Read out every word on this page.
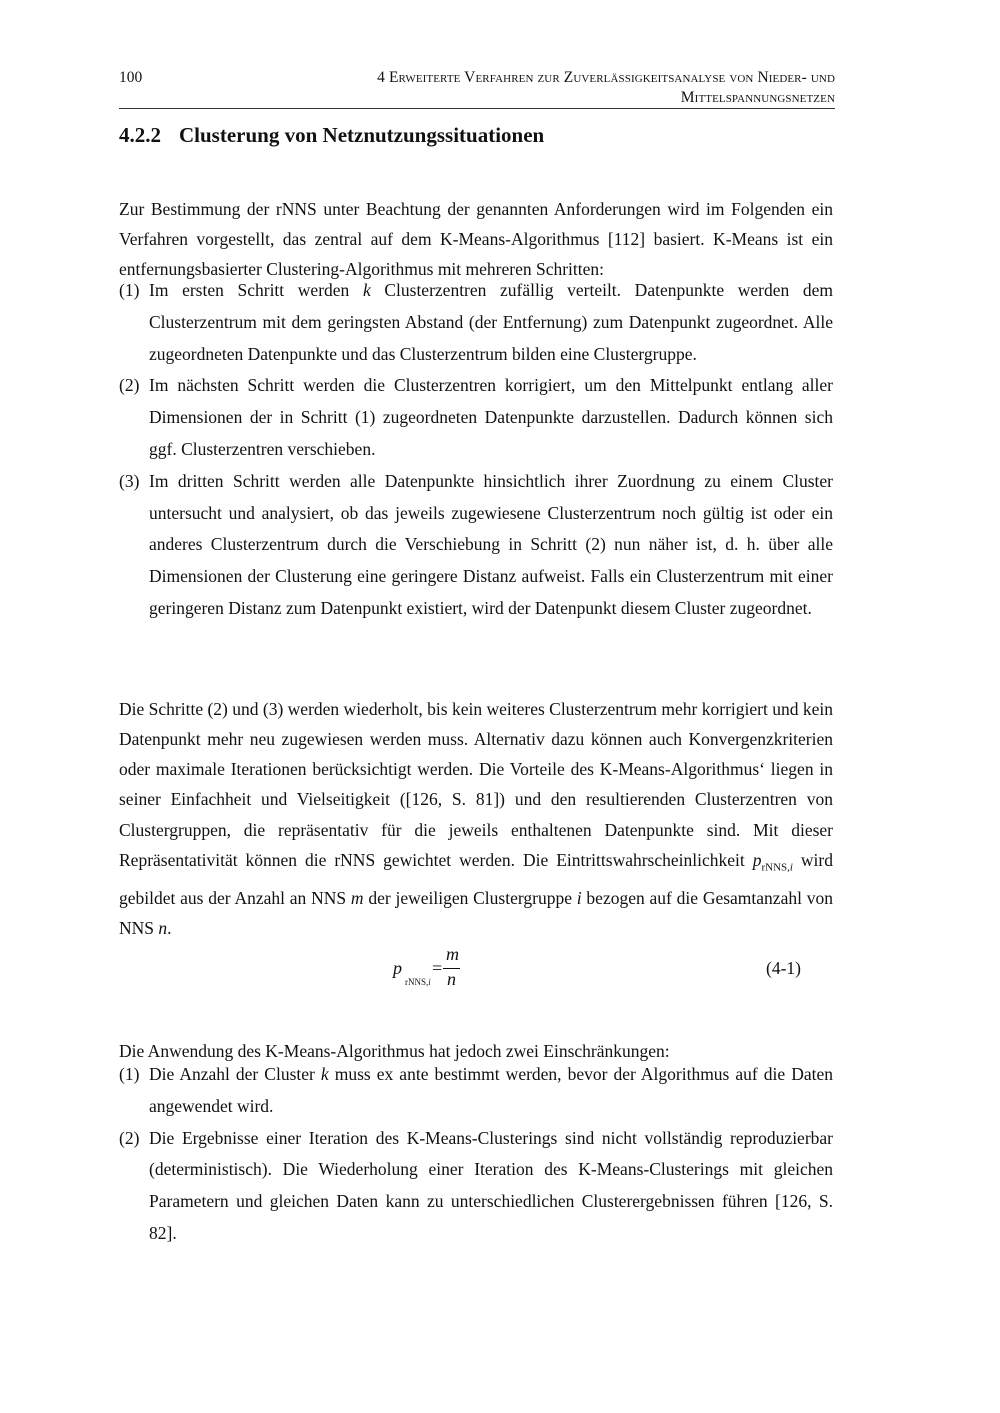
100	4 Erweiterte Verfahren zur Zuverlässigkeitsanalyse von Nieder- und
Mittelspannungsnetzen
4.2.2 Clusterung von Netznutzungssituationen

Zur Bestimmung der rNNS unter Beachtung der genannten Anforderungen wird im Folgenden ein Verfahren vorgestellt, das zentral auf dem K-Means-Algorithmus [112] basiert. K-Means ist ein entfernungsbasierter Clustering-Algorithmus mit mehreren Schritten:

(1) Im ersten Schritt werden k Clusterzentren zufällig verteilt. Datenpunkte werden dem Clusterzentrum mit dem geringsten Abstand (der Entfernung) zum Datenpunkt zugeordnet. Alle zugeordneten Datenpunkte und das Clusterzentrum bilden eine Clustergruppe.
(2) Im nächsten Schritt werden die Clusterzentren korrigiert, um den Mittelpunkt entlang aller Dimensionen der in Schritt (1) zugeordneten Datenpunkte darzustellen. Dadurch können sich ggf. Clusterzentren verschieben.
(3) Im dritten Schritt werden alle Datenpunkte hinsichtlich ihrer Zuordnung zu einem Cluster untersucht und analysiert, ob das jeweils zugewiesene Clusterzentrum noch gültig ist oder ein anderes Clusterzentrum durch die Verschiebung in Schritt (2) nun näher ist, d. h. über alle Dimensionen der Clusterung eine geringere Distanz aufweist. Falls ein Clusterzentrum mit einer geringeren Distanz zum Datenpunkt existiert, wird der Datenpunkt diesem Cluster zugeordnet.

Die Schritte (2) und (3) werden wiederholt, bis kein weiteres Clusterzentrum mehr korrigiert und kein Datenpunkt mehr neu zugewiesen werden muss. Alternativ dazu können auch Konvergenzkriterien oder maximale Iterationen berücksichtigt werden. Die Vorteile des K-Means-Algorithmus‘ liegen in seiner Einfachheit und Vielseitigkeit ([126, S. 81]) und den resultierenden Clusterzentren von Clustergruppen, die repräsentativ für die jeweils enthaltenen Datenpunkte sind. Mit dieser Repräsentativität können die rNNS gewichtet werden. Die Eintrittswahrscheinlichkeit $p_{rNNS,i}$ wird gebildet aus der Anzahl an NNS m der jeweiligen Clustergruppe i bezogen auf die Gesamtanzahl von NNS n.

p
rNNS,i
=
m
n
(4-1)

Die Anwendung des K-Means-Algorithmus hat jedoch zwei Einschränkungen:

(1) Die Anzahl der Cluster k muss ex ante bestimmt werden, bevor der Algorithmus auf die Daten angewendet wird.
(2) Die Ergebnisse einer Iteration des K-Means-Clusterings sind nicht vollständig reproduzierbar (deterministisch). Die Wiederholung einer Iteration des K-Means-Clusterings mit gleichen Parametern und gleichen Daten kann zu unterschiedlichen Clusterergebnissen führen [126, S. 82].
